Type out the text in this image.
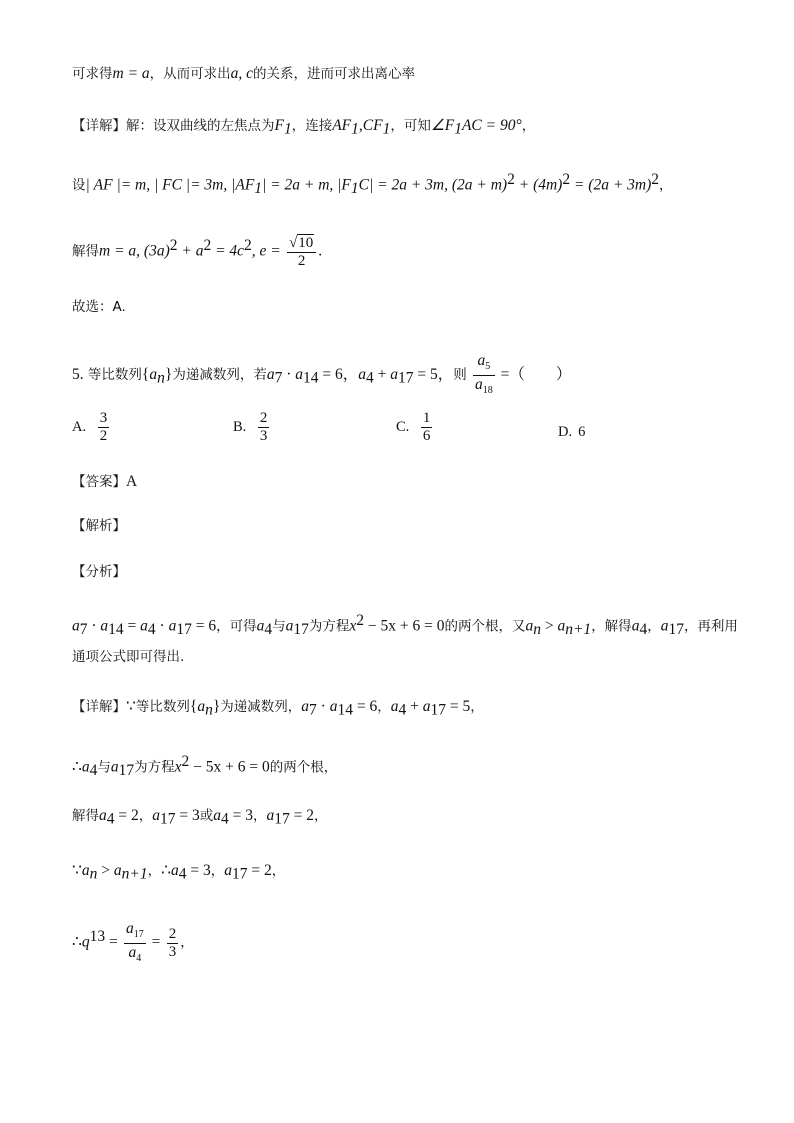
可求得m = a，从而可求出a, c的关系，进而可求出离心率
【详解】解：设双曲线的左焦点为$F_1$，连接$AF_1,CF_1$，可知$\angle F_1AC = 90^\circ$，
设| AF |= m, | FC |= 3m, $|AF_1| = 2a + m$, $|F_1C| = 2a + 3m$, $(2a + m)^2 + (4m)^2 = (2a + 3m)^2$，
解得m = a, $(3a)^2 + a^2 = 4c^2$, $e = \frac{√10}{2}$ .
故选：A.
5. 等比数列$\{a_n\}$为递减数列，若$a_7 \cdot a_{14} = 6$，$a_4 + a_{17} = 5$，则 $\frac{a_5}{a_{18}}$ =（　　）
A. $\frac{3}{2}$	B. $\frac{2}{3}$	C. $\frac{1}{6}$	D. 6
【答案】A
【解析】
【分析】
$a_7 \cdot a_{14} = a_4 \cdot a_{17} = 6$，可得$a_4$与$a_{17}$为方程$x^2 - 5x + 6 = 0$的两个根，又$a_n > a_{n+1}$，解得$a_4$，$a_{17}$，再利用
通项公式即可得出.
【详解】∵等比数列$\{a_n\}$为递减数列，$a_7 \cdot a_{14} = 6$，$a_4 + a_{17} = 5$，
$\therefore a_4$与$a_{17}$为方程$x^2 - 5x + 6 = 0$的两个根，
解得$a_4 = 2$，$a_{17} = 3$或$a_4 = 3$，$a_{17} = 2$，
$\because a_n > a_{n+1}$，$\therefore a_4 = 3$，$a_{17} = 2$，
$\therefore q^{13} = \frac{a_{17}}{a_4} = \frac{2}{3}$ ，
